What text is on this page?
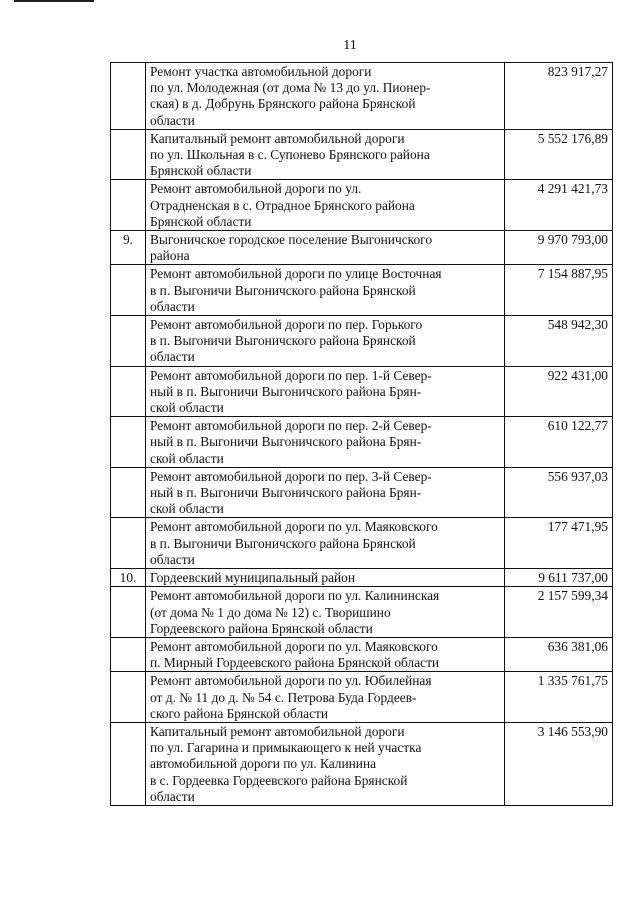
11
	Ремонт участка автомобильной дороги
по ул. Молодежная (от дома № 13 до ул. Пионер-
ская) в д. Добрунь Брянского района Брянской
области	823 917,27
	Капитальный ремонт автомобильной дороги
по ул. Школьная в с. Супонево Брянского района
Брянской области	5 552 176,89
	Ремонт автомобильной дороги по ул.
Отрадненская в с. Отрадное Брянского района
Брянской области	4 291 421,73
9.	Выгоничское городское поселение Выгоничского
района	9 970 793,00
	Ремонт автомобильной дороги по улице Восточная
в п. Выгоничи Выгоничского района Брянской
области	7 154 887,95
	Ремонт автомобильной дороги по пер. Горького
в п. Выгоничи Выгоничского района Брянской
области	548 942,30
	Ремонт автомобильной дороги по пер. 1-й Север-
ный в п. Выгоничи Выгоничского района Брян-
ской области	922 431,00
	Ремонт автомобильной дороги по пер. 2-й Север-
ный в п. Выгоничи Выгоничского района Брян-
ской области	610 122,77
	Ремонт автомобильной дороги по пер. 3-й Север-
ный в п. Выгоничи Выгоничского района Брян-
ской области	556 937,03
	Ремонт автомобильной дороги по ул. Маяковского
в п. Выгоничи Выгоничского района Брянской
области	177 471,95
10.	Гордеевский муниципальный район	9 611 737,00
	Ремонт автомобильной дороги по ул. Калининская
(от дома № 1 до дома № 12) с. Творишино
Гордеевского района Брянской области	2 157 599,34
	Ремонт автомобильной дороги по ул. Маяковского
п. Мирный Гордеевского района Брянской области	636 381,06
	Ремонт автомобильной дороги по ул. Юбилейная
от д. № 11 до д. № 54 с. Петрова Буда Гордеев-
ского района Брянской области	1 335 761,75
	Капитальный ремонт автомобильной дороги
по ул. Гагарина и примыкающего к ней участка
автомобильной дороги по ул. Калинина
в с. Гордеевка Гордеевского района Брянской
области	3 146 553,90
